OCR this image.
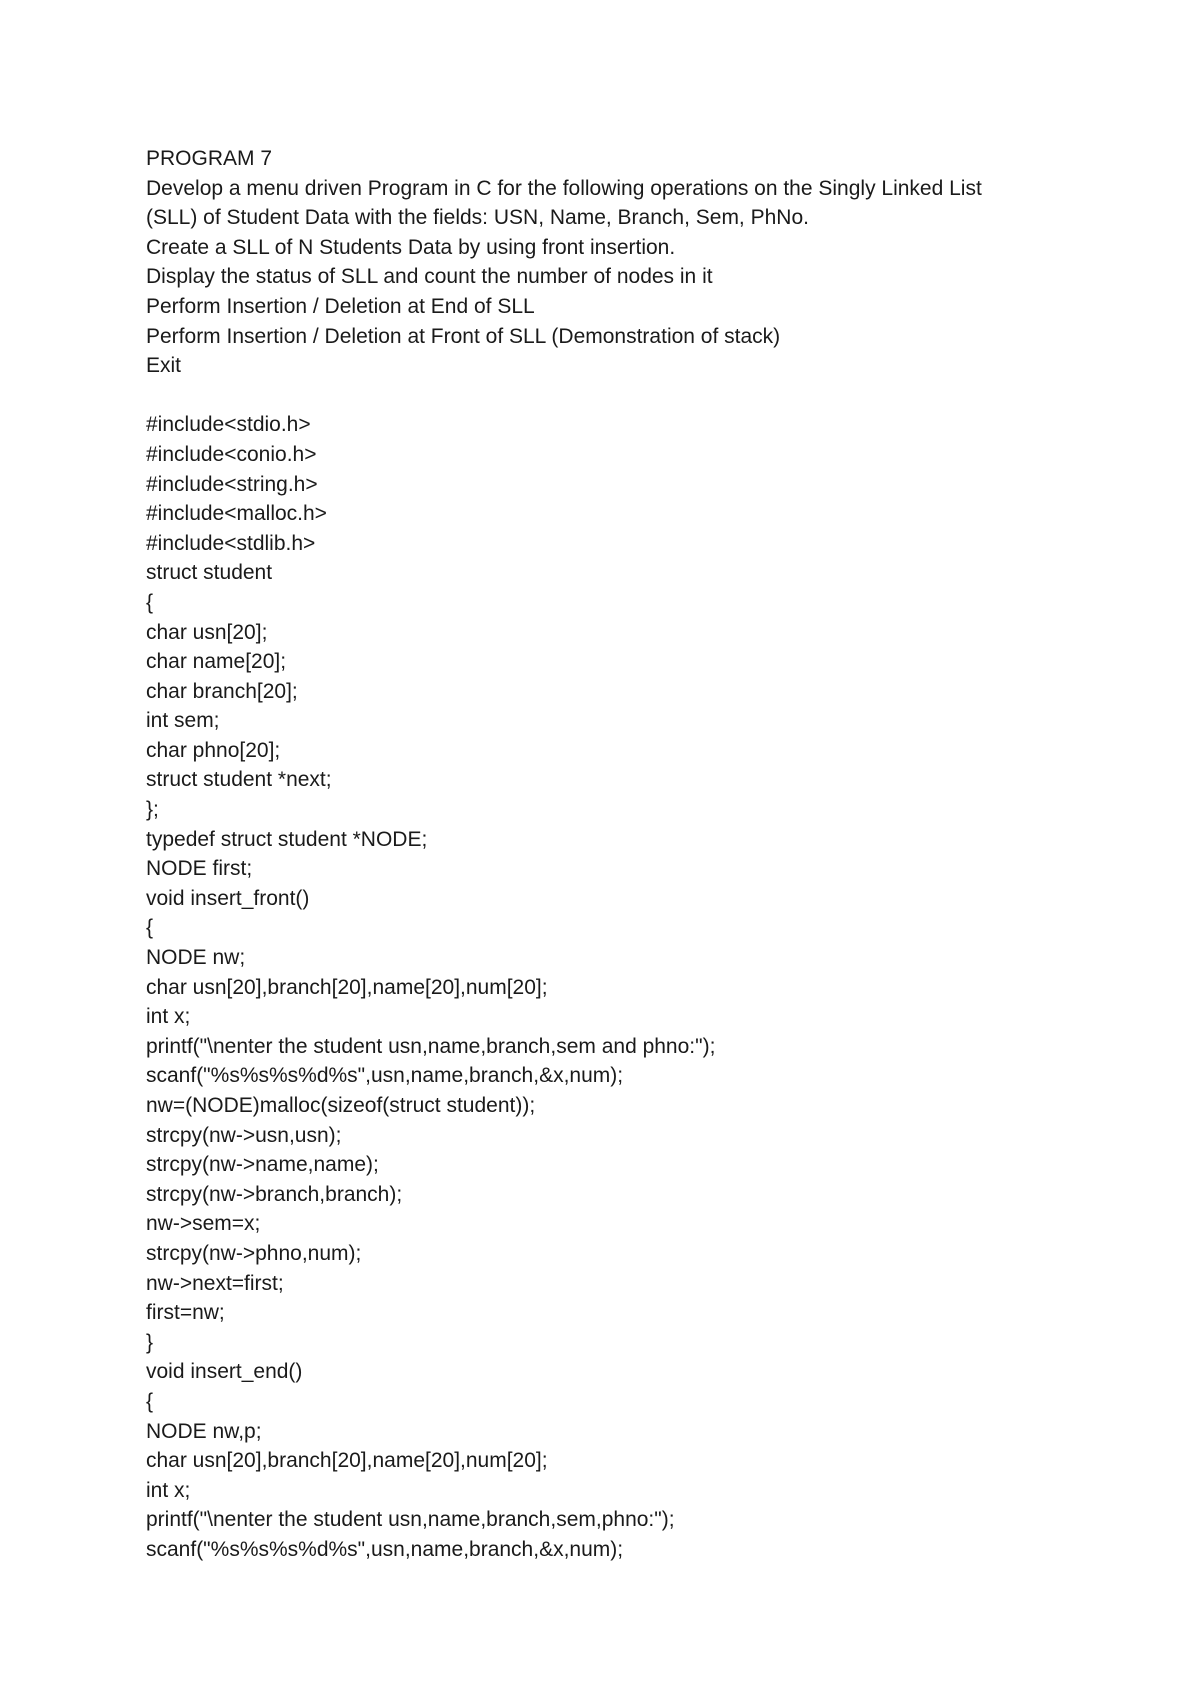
PROGRAM 7
Develop a menu driven Program in C for the following operations on the Singly Linked List
(SLL) of Student Data with the fields: USN, Name, Branch, Sem, PhNo.
Create a SLL of N Students Data by using front insertion.
Display the status of SLL and count the number of nodes in it
Perform Insertion / Deletion at End of SLL
Perform Insertion / Deletion at Front of SLL (Demonstration of stack)
Exit
#include<stdio.h>
#include<conio.h>
#include<string.h>
#include<malloc.h>
#include<stdlib.h>
struct student
{
char usn[20];
char name[20];
char branch[20];
int sem;
char phno[20];
struct student *next;
};
typedef struct student *NODE;
NODE first;
void insert_front()
{
NODE nw;
char usn[20],branch[20],name[20],num[20];
int x;
printf("\nenter the student usn,name,branch,sem and phno:");
scanf("%s%s%s%d%s",usn,name,branch,&x,num);
nw=(NODE)malloc(sizeof(struct student));
strcpy(nw->usn,usn);
strcpy(nw->name,name);
strcpy(nw->branch,branch);
nw->sem=x;
strcpy(nw->phno,num);
nw->next=first;
first=nw;
}
void insert_end()
{
NODE nw,p;
char usn[20],branch[20],name[20],num[20];
int x;
printf("\nenter the student usn,name,branch,sem,phno:");
scanf("%s%s%s%d%s",usn,name,branch,&x,num);
